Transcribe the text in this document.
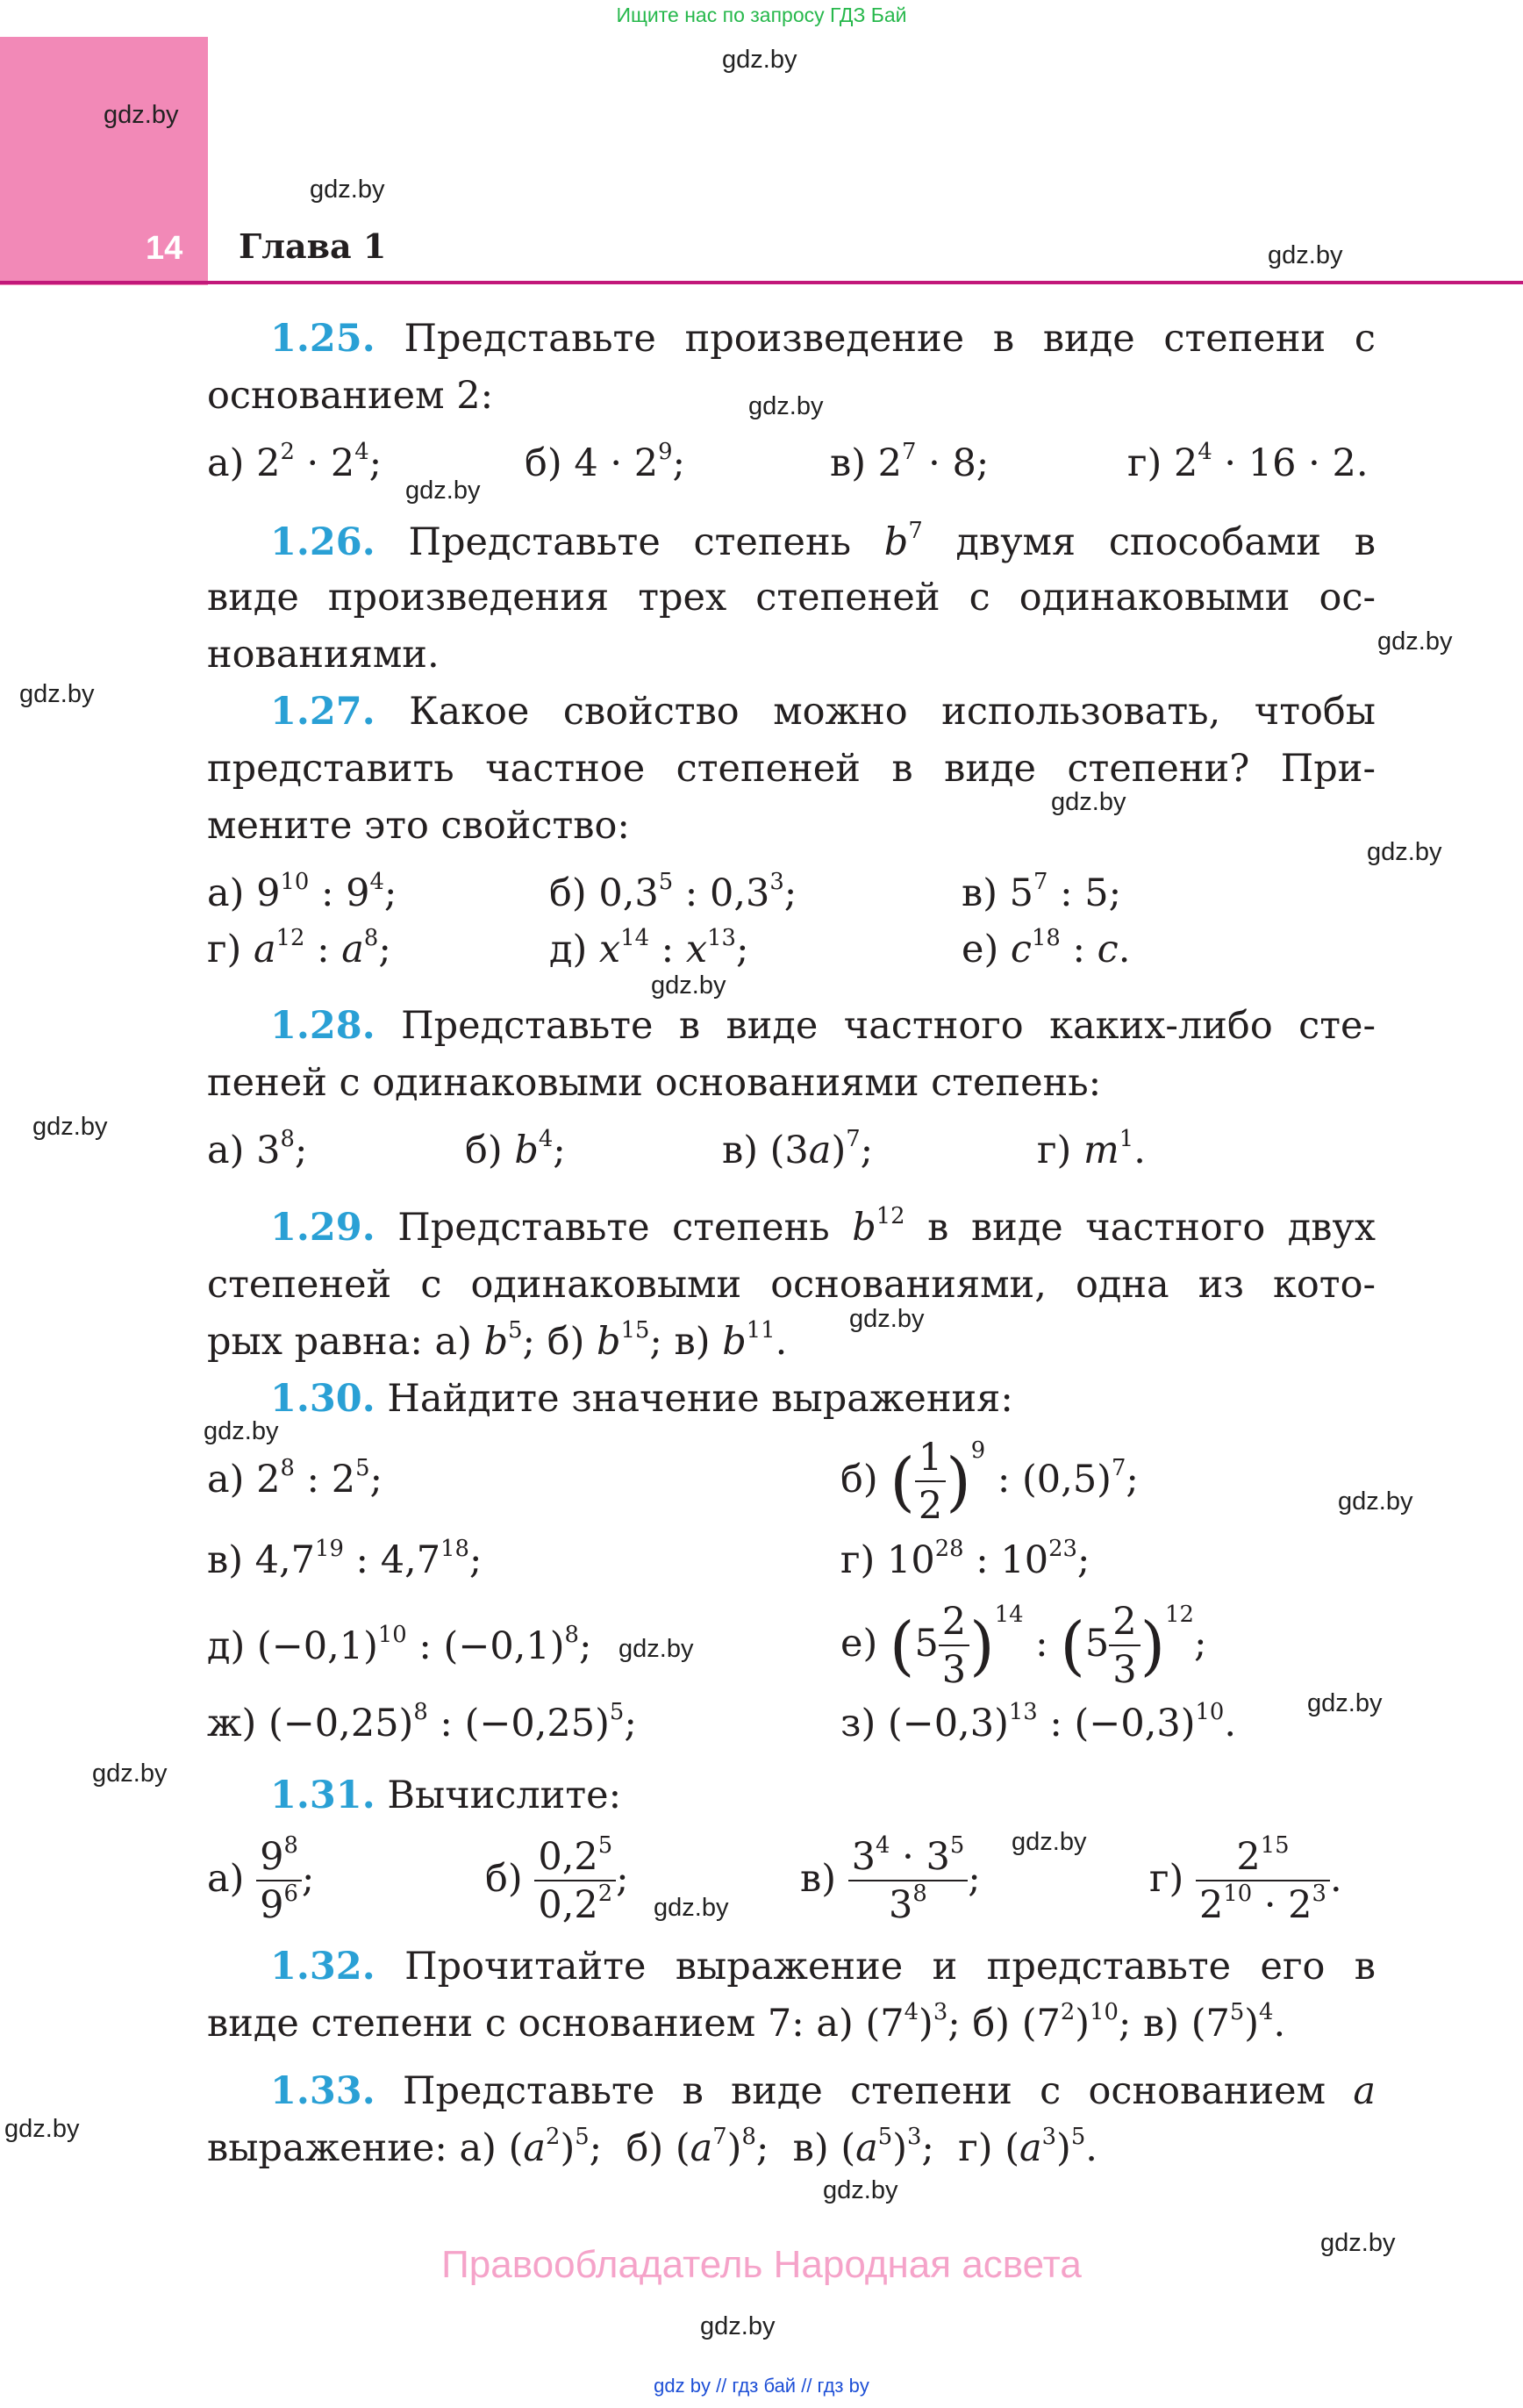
Ищите нас по запросу ГДЗ Бай
14 Глава 1
gdz.by
gdz.by
gdz.by
gdz.by
gdz.by
gdz.by
gdz.by
gdz.by
gdz.by
gdz.by
gdz.by
gdz.by
gdz.by
gdz.by
gdz.by
gdz.by
gdz.by
gdz.by
gdz.by
gdz.by
gdz.by
gdz.by
gdz.by
gdz.by
1.25. Представьте произведение в виде степени с
основанием 2:
а) $2^2 \cdot 2^4$;	б) $4 \cdot 2^9$;	в) $2^7 \cdot 8$;	г) $2^4 \cdot 16 \cdot 2$.
1.26. Представьте степень $b^7$ двумя способами в
виде произведения трех степеней с одинаковыми ос-
нованиями.
1.27. Какое свойство можно использовать, чтобы
представить частное степеней в виде степени? При-
мените это свойство:
а) $9^{10}$ : $9^4$;	б) $0,3^5$ : $0,3^3$;	в) $5^7$ : 5;
г) $a^{12}$ : $a^8$;	д) $x^{14}$ : $x^{13}$;	е) $c^{18}$ : c.
1.28. Представьте в виде частного каких-либо сте-
пеней с одинаковыми основаниями степень:
а) $3^8$;	б) $b^4$;	в) $(3a)^7$;	г) $m^1$.
1.29. Представьте степень $b^{12}$ в виде частного двух
степеней с одинаковыми основаниями, одна из кото-
рых равна: а) $b^5$; б) $b^{15}$; в) $b^{11}$.
1.30. Найдите значение выражения:
а) $2^8$ : $2^5$;	б) ( $\frac{1}{2} )^9$ : $(0,5)^7$;
в) $4,7^{19}$ : $4,7^{18}$;	г) $10^{28}$ : $10^{23}$;
д) $(-0,1)^{10}$ : $(-0,1)^8$;	е) $(5 \frac{2}{3} )^{14}$ : $(5 \frac{2}{3} )^{12}$;
ж) $(-0,25)^8$ : $(-0,25)^5$;	з) $(-0,3)^{13}$ : $(-0,3)^{10}$.
1.31. Вычислите:
$а) \frac{9^8}{9^6}$ ;	$б) \frac{0,2^5}{0,2^2}$ ;	$в) \frac{3^4 \cdot 3^5}{3^8}$ ;	$г) \frac{2^{15}}{2^{10} \cdot 2^3}$ .
1.32. Прочитайте выражение и представьте его в
виде степени с основанием 7: а) $(7^4)^3$; б) $(7^2)^{10}$; в) $(7^5)^4$.
1.33. Представьте в виде степени с основанием a
выражение: а) $(a^2)^5$;  б) $(a^7)^8$;  в) $(a^5)^3$;  г) $(a^3)^5$.
Правообладатель Народная асвета
gdz by // гдз бай // гдз by
